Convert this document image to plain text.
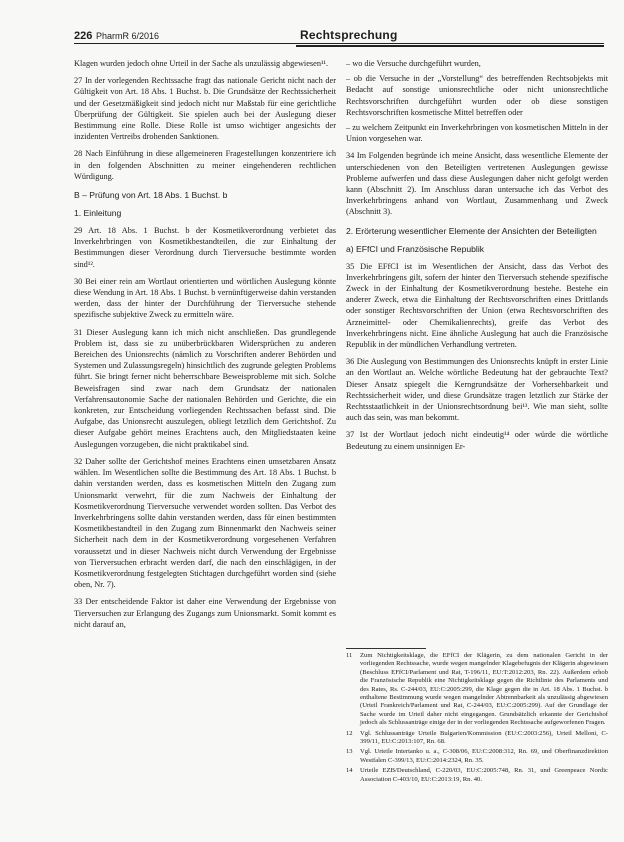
226 PharmR 6/2016	Rechtsprechung

Klagen wurden jedoch ohne Urteil in der Sache als unzulässig abgewiesen¹¹.

27 In der vorlegenden Rechtssache fragt das nationale Gericht nicht nach der Gültigkeit von Art. 18 Abs. 1 Buchst. b. Die Grundsätze der Rechtssicherheit und der Gesetzmäßigkeit sind jedoch nicht nur Maßstab für eine gerichtliche Überprüfung der Gültigkeit. Sie spielen auch bei der Auslegung dieser Bestimmung eine Rolle. Diese Rolle ist umso wichtiger angesichts der inzidenten Vertreibs drohenden Sanktionen.

28 Nach Einführung in diese allgemeineren Fragestellungen konzentriere ich in den folgenden Abschnitten zu meiner eingehenderen rechtlichen Würdigung.

B – Prüfung von Art. 18 Abs. 1 Buchst. b
1. Einleitung

29 Art. 18 Abs. 1 Buchst. b der Kosmetikverordnung verbietet das Inverkehrbringen von Kosmetikbestandteilen, die zur Einhaltung der Bestimmungen dieser Verordnung durch Tierversuche bestimmte worden sind¹².

30 Bei einer rein am Wortlaut orientierten und wörtlichen Auslegung könnte diese Wendung in Art. 18 Abs. 1 Buchst. b vernünftigerweise dahin verstanden werden, dass der hinter der Durchführung der Tierversuche stehende spezifische subjektive Zweck zu ermitteln wäre.

31 Dieser Auslegung kann ich mich nicht anschließen. Das grundlegende Problem ist, dass sie zu unüberbrückbaren Widersprüchen zu anderen Bereichen des Unionsrechts (nämlich zu Vorschriften anderer Behörden und Systemen und Zulassungsregeln) hinsichtlich des zugrunde gelegten Problems führt. Sie bringt ferner nicht beherrschbare Beweisprobleme mit sich. Solche Beweisfragen sind zwar nach dem Grundsatz der nationalen Verfahrensautonomie Sache der nationalen Behörden und Gerichte, die ein konkreten, zur Entscheidung vorliegenden Rechtssachen befasst sind. Die Aufgabe, das Unionsrecht auszulegen, obliegt letztlich dem Gerichtshof. Zu dieser Aufgabe gehört meines Erachtens auch, den Mitgliedstaaten keine Auslegungen vorzugeben, die nicht praktikabel sind.

32 Daher sollte der Gerichtshof meines Erachtens einen umsetzbaren Ansatz wählen. Im Wesentlichen sollte die Bestimmung des Art. 18 Abs. 1 Buchst. b dahin verstanden werden, dass es kosmetischen Mitteln den Zugang zum Unionsmarkt verwehrt, für die zum Nachweis der Einhaltung der Kosmetikverordnung Tierversuche verwendet worden sollten. Das Verbot des Inverkehrbringens sollte dahin verstanden werden, dass für einen bestimmten Kosmetikbestandteil in den Zugang zum Binnenmarkt den Nachweis seiner Sicherheit nach dem in der Kosmetikverordnung vorgesehenen Verfahren voraussetzt und in dieser Nachweis nicht durch Verwendung der Ergebnisse von Tierversuchen erbracht werden darf, die nach den einschlägigen, in der Kosmetikverordnung festgelegten Stichtagen durchgeführt worden sind (siehe oben, Nr. 7).

33 Der entscheidende Faktor ist daher eine Verwendung der Ergebnisse von Tierversuchen zur Erlangung des Zugangs zum Unionsmarkt. Somit kommt es nicht darauf an,

– wo die Versuche durchgeführt wurden,
– ob die Versuche in der „Vorstellung“ des betreffenden Rechtsobjekts mit Bedacht auf sonstige unionsrechtliche oder nicht unionsrechtliche Rechtsvorschriften durchgeführt wurden oder ob diese sonstigen Rechtsvorschriften kosmetische Mittel betreffen oder
– zu welchem Zeitpunkt ein Inverkehrbringen von kosmetischen Mitteln in der Union vorgesehen war.

34 Im Folgenden begründe ich meine Ansicht, dass wesentliche Elemente der unterschiedenen von den Beteiligten vertretenen Auslegungen gewisse Probleme aufwerfen und dass diese Auslegungen daher nicht gefolgt werden kann (Abschnitt 2). Im Anschluss daran untersuche ich das Verbot des Inverkehrbringens anhand von Wortlaut, Zusammenhang und Zweck (Abschnitt 3).

2. Erörterung wesentlicher Elemente der Ansichten der Beteiligten
a) EFfCI und Französische Republik

35 Die EFfCI ist im Wesentlichen der Ansicht, dass das Verbot des Inverkehrbringens gilt, sofern der hinter den Tierversuch stehende spezifische Zweck in der Einhaltung der Kosmetikverordnung bestehe. Bestehe ein anderer Zweck, etwa die Einhaltung der Rechtsvorschriften eines Drittlands oder sonstiger Rechtsvorschriften der Union (etwa Rechtsvorschriften des Arzneimittel- oder Chemikalienrechts), greife das Verbot des Inverkehrbringens nicht. Eine ähnliche Auslegung hat auch die Französische Republik in der mündlichen Verhandlung vertreten.

36 Die Auslegung von Bestimmungen des Unionsrechts knüpft in erster Linie an den Wortlaut an. Welche wörtliche Bedeutung hat der gebrauchte Text? Dieser Ansatz spiegelt die Kerngrundsätze der Vorhersehbarkeit und Rechtssicherheit wider, und diese Grundsätze tragen letztlich zur Stärke der Rechtsstaatlichkeit in der Unionsrechtsordnung bei¹³. Wie man sieht, sollte auch das sein, was man bekommt.

37 Ist der Wortlaut jedoch nicht eindeutig¹⁴ oder würde die wörtliche Bedeutung zu einem unsinnigen Er-

11	Zum Nichtigkeitsklage, die EFfCI der Klägerin, zu dem nationalen Gericht in der vorliegenden Rechtssache, wurde wegen mangelnder Klagebefugnis der Klägerin abgewiesen (Beschluss EFfCI/Parlament und Rat, T-196/11, EU:T:2012:203, Rn. 22). Außerdem erhob die Französische Republik eine Nichtigkeitsklage gegen die Richtlinie des Parlaments und des Rates, Rs. C-244/03, EU:C:2005:299, die Klage gegen die in Art. 18 Abs. 1 Buchst. b enthaltene Bestimmung wurde wegen mangelnder Abtrennbarkeit als unzulässig abgewiesen (Urteil Frankreich/Parlament und Rat, C-244/03, EU:C:2005:299). Auf der Grundlage der Sache wurde im Urteil daher nicht eingegangen. Grundsätzlich erkannte der Gerichtshof jedoch als Schlussanträge einige der in der vorliegenden Rechtssache aufgeworfenen Fragen.
12	Vgl. Schlussanträge Urteile Bulgarien/Kommission (EU:C:2003:256), Urteil Melloni, C-399/11, EU:C:2013:107, Rn. 68.
13	Vgl. Urteile Intertanko u. a., C-308/06, EU:C:2008:312, Rn. 69, und Oberfinanzdirektion Westfalen C-399/13, EU:C:2014:2324, Rn. 35.
14	Urteile EZB/Deutschland, C-220/03, EU:C:2005:748, Rn. 31, und Greenpeace Nordic Association C-403/10, EU:C:2013:19, Rn. 40.
